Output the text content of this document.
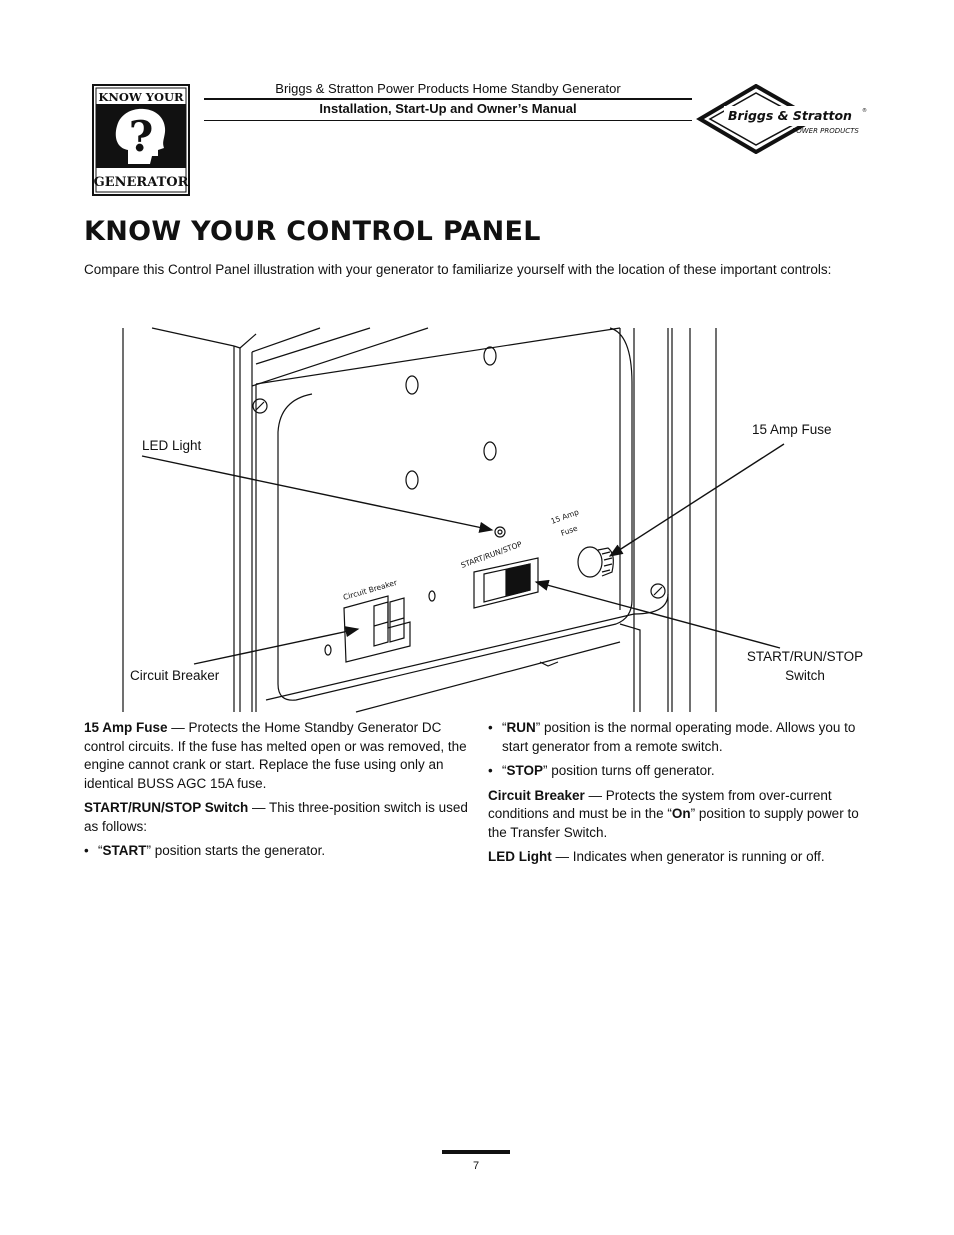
KNOW YOUR
?
GENERATOR
Briggs & Stratton Power Products Home Standby Generator
Installation, Start-Up and Owner’s Manual	Briggs & Stratton ®
POWER PRODUCTS
KNOW YOUR CONTROL PANEL
Compare this Control Panel illustration with your generator to familiarize yourself with the location of these important controls:
Circuit Breaker
START/RUN/STOP
15 Amp
Fuse
LED Light
15 Amp Fuse
Circuit Breaker
START/RUN/STOP
Switch

15 Amp Fuse — Protects the Home Standby Generator DC control circuits. If the fuse has melted open or was removed, the engine cannot crank or start. Replace the fuse using only an identical BUSS AGC 15A fuse.

START/RUN/STOP Switch — This three-position switch is used as follows:

• “START” position starts the generator.
• “RUN” position is the normal operating mode. Allows you to start generator from a remote switch.
• “STOP” position turns off generator.

Circuit Breaker — Protects the system from over-current conditions and must be in the “On” position to supply power to the Transfer Switch.

LED Light — Indicates when generator is running or off.

7
